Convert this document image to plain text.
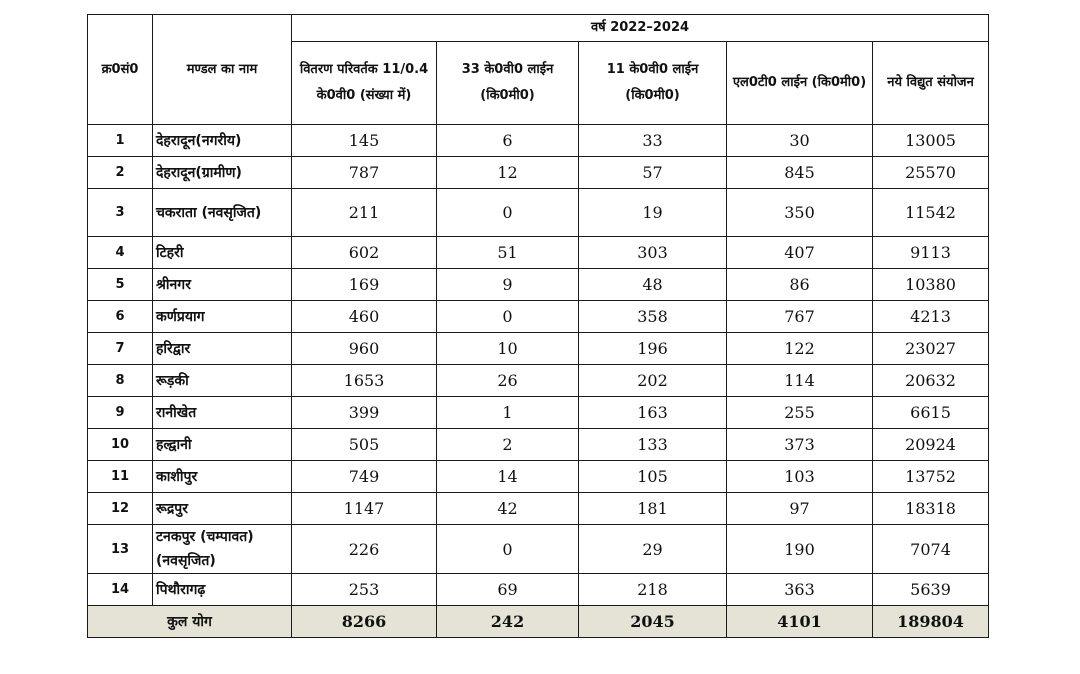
क्र0सं0	मण्डल का नाम	वर्ष 2022–2024				
		वितरण परिवर्तक 11/0.4 के0वी0 (संख्या में)	33 के0वी0 लाईन (कि0मी0)	11 के0वी0 लाईन (कि0मी0)	एल0टी0 लाईन (कि0मी0)	नये विद्युत संयोजन
1	देहरादून(नगरीय)	145	6	33	30	13005
2	देहरादून(ग्रामीण)	787	12	57	845	25570
3	चकराता (नवसृजित)	211	0	19	350	11542
4	टिहरी	602	51	303	407	9113
5	श्रीनगर	169	9	48	86	10380
6	कर्णप्रयाग	460	0	358	767	4213
7	हरिद्वार	960	10	196	122	23027
8	रूड़की	1653	26	202	114	20632
9	रानीखेत	399	1	163	255	6615
10	हल्द्वानी	505	2	133	373	20924
11	काशीपुर	749	14	105	103	13752
12	रूद्रपुर	1147	42	181	97	18318
13	टनकपुर (चम्पावत) (नवसृजित)	226	0	29	190	7074
14	पिथौरागढ़	253	69	218	363	5639
कुल योग		8266	242	2045	4101	189804
